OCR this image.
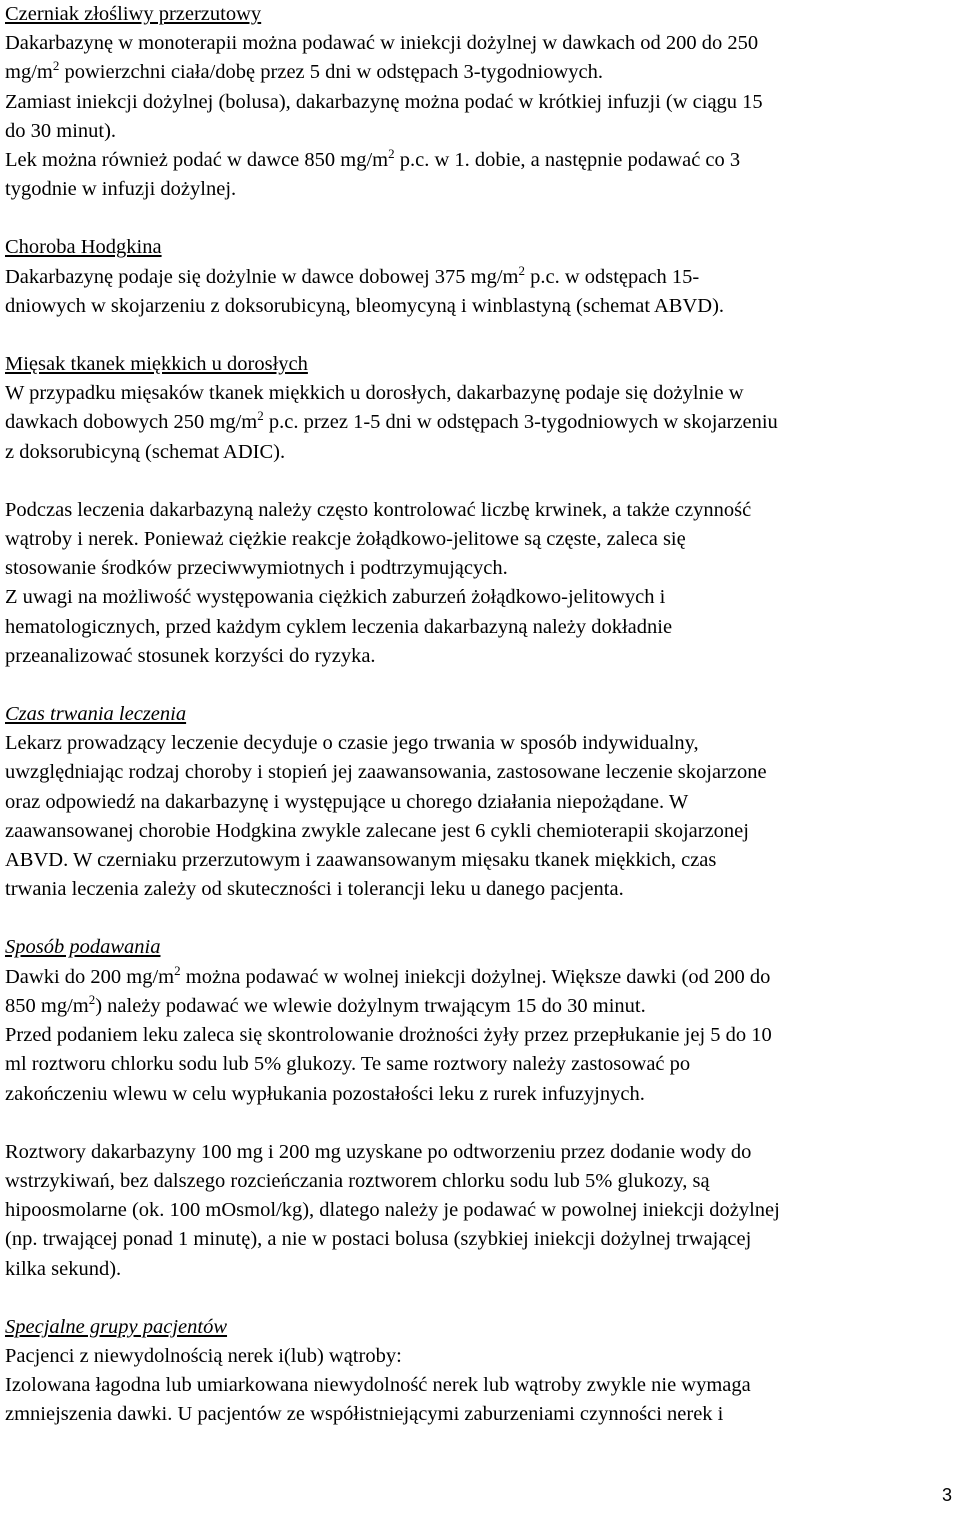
Czerniak złośliwy przerzutowy

Dakarbazynę w monoterapii można podawać w iniekcji dożylnej w dawkach od 200 do 250

$mg/m^2$ powierzchni ciała/dobę przez 5 dni w odstępach 3-tygodniowych.

Zamiast iniekcji dożylnej (bolusa), dakarbazynę można podać w krótkiej infuzji (w ciągu 15

do 30 minut).

Lek można również podać w dawce 850 $mg/m^2$ p.c. w 1. dobie, a następnie podawać co 3

tygodnie w infuzji dożylnej.

Choroba Hodgkina

Dakarbazynę podaje się dożylnie w dawce dobowej 375 $mg/m^2$ p.c. w odstępach 15-

dniowych w skojarzeniu z doksorubicyną, bleomycyną i winblastyną (schemat ABVD).

Mięsak tkanek miękkich u dorosłych

W przypadku mięsaków tkanek miękkich u dorosłych, dakarbazynę podaje się dożylnie w

dawkach dobowych 250 $mg/m^2$ p.c. przez 1-5 dni w odstępach 3-tygodniowych w skojarzeniu

z doksorubicyną (schemat ADIC).

Podczas leczenia dakarbazyną należy często kontrolować liczbę krwinek, a także czynność

wątroby i nerek. Ponieważ ciężkie reakcje żołądkowo-jelitowe są częste, zaleca się

stosowanie środków przeciwwymiotnych i podtrzymujących.

Z uwagi na możliwość występowania ciężkich zaburzeń żołądkowo-jelitowych i

hematologicznych, przed każdym cyklem leczenia dakarbazyną należy dokładnie

przeanalizować stosunek korzyści do ryzyka.

Czas trwania leczenia

Lekarz prowadzący leczenie decyduje o czasie jego trwania w sposób indywidualny,

uwzględniając rodzaj choroby i stopień jej zaawansowania, zastosowane leczenie skojarzone

oraz odpowiedź na dakarbazynę i występujące u chorego działania niepożądane. W

zaawansowanej chorobie Hodgkina zwykle zalecane jest 6 cykli chemioterapii skojarzonej

ABVD. W czerniaku przerzutowym i zaawansowanym mięsaku tkanek miękkich, czas

trwania leczenia zależy od skuteczności i tolerancji leku u danego pacjenta.

Sposób podawania

Dawki do 200 $mg/m^2$ można podawać w wolnej iniekcji dożylnej. Większe dawki (od 200 do

850 $mg/m^2$) należy podawać we wlewie dożylnym trwającym 15 do 30 minut.

Przed podaniem leku zaleca się skontrolowanie drożności żyły przez przepłukanie jej 5 do 10

ml roztworu chlorku sodu lub 5% glukozy. Te same roztwory należy zastosować po

zakończeniu wlewu w celu wypłukania pozostałości leku z rurek infuzyjnych.

Roztwory dakarbazyny 100 mg i 200 mg uzyskane po odtworzeniu przez dodanie wody do

wstrzykiwań, bez dalszego rozcieńczania roztworem chlorku sodu lub 5% glukozy, są

hipoosmolarne (ok. 100 mOsmol/kg), dlatego należy je podawać w powolnej iniekcji dożylnej

(np. trwającej ponad 1 minutę), a nie w postaci bolusa (szybkiej iniekcji dożylnej trwającej

kilka sekund).

Specjalne grupy pacjentów

Pacjenci z niewydolnością nerek i(lub) wątroby:

Izolowana łagodna lub umiarkowana niewydolność nerek lub wątroby zwykle nie wymaga

zmniejszenia dawki. U pacjentów ze współistniejącymi zaburzeniami czynności nerek i

3
